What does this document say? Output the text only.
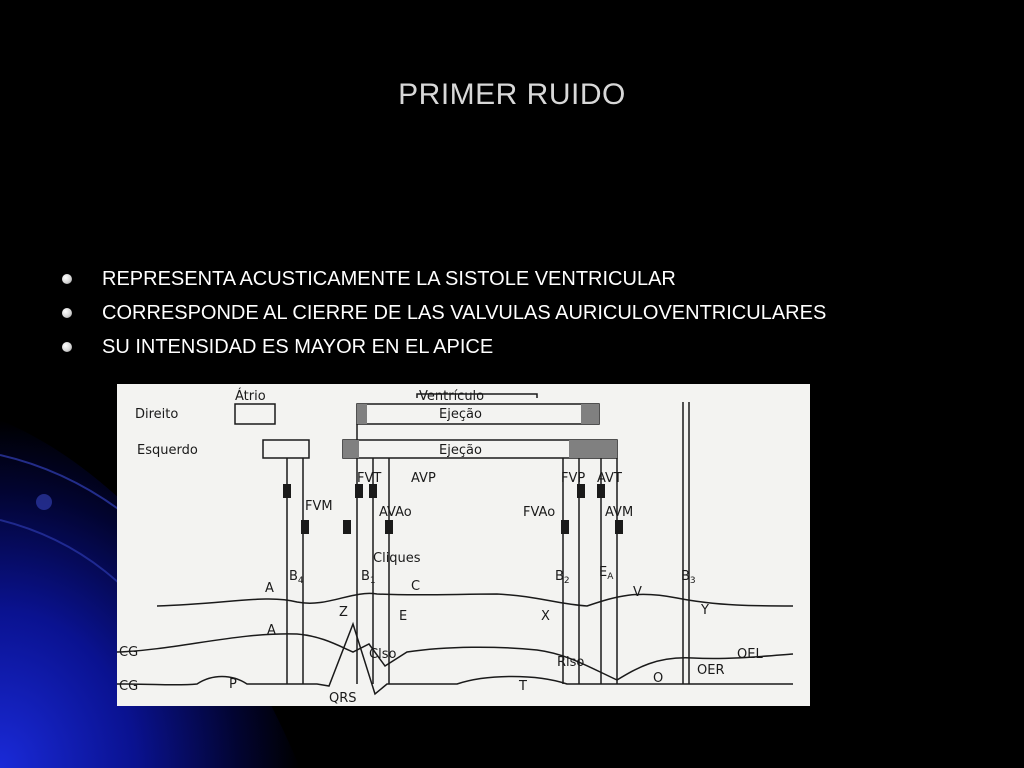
PRIMER RUIDO
REPRESENTA ACUSTICAMENTE LA SISTOLE VENTRICULAR
CORRESPONDE AL CIERRE DE LAS VALVULAS AURICULOVENTRICULARES
SU INTENSIDAD ES MAYOR EN EL APICE
Átrio	Ventrículo
Direito
Esquerdo
Ejeção
Ejeção
FVT AVP	FVP AVT
FVM	AVAo	FVAo	AVM
Cliques
$B_4$	$B_1$	$B_2$
$E_A$	$B_3$
A	C	V
Z	E	X	Y
CG
A
Clso
Rlso
OEL
OER
O
CG	P
QRS
T
